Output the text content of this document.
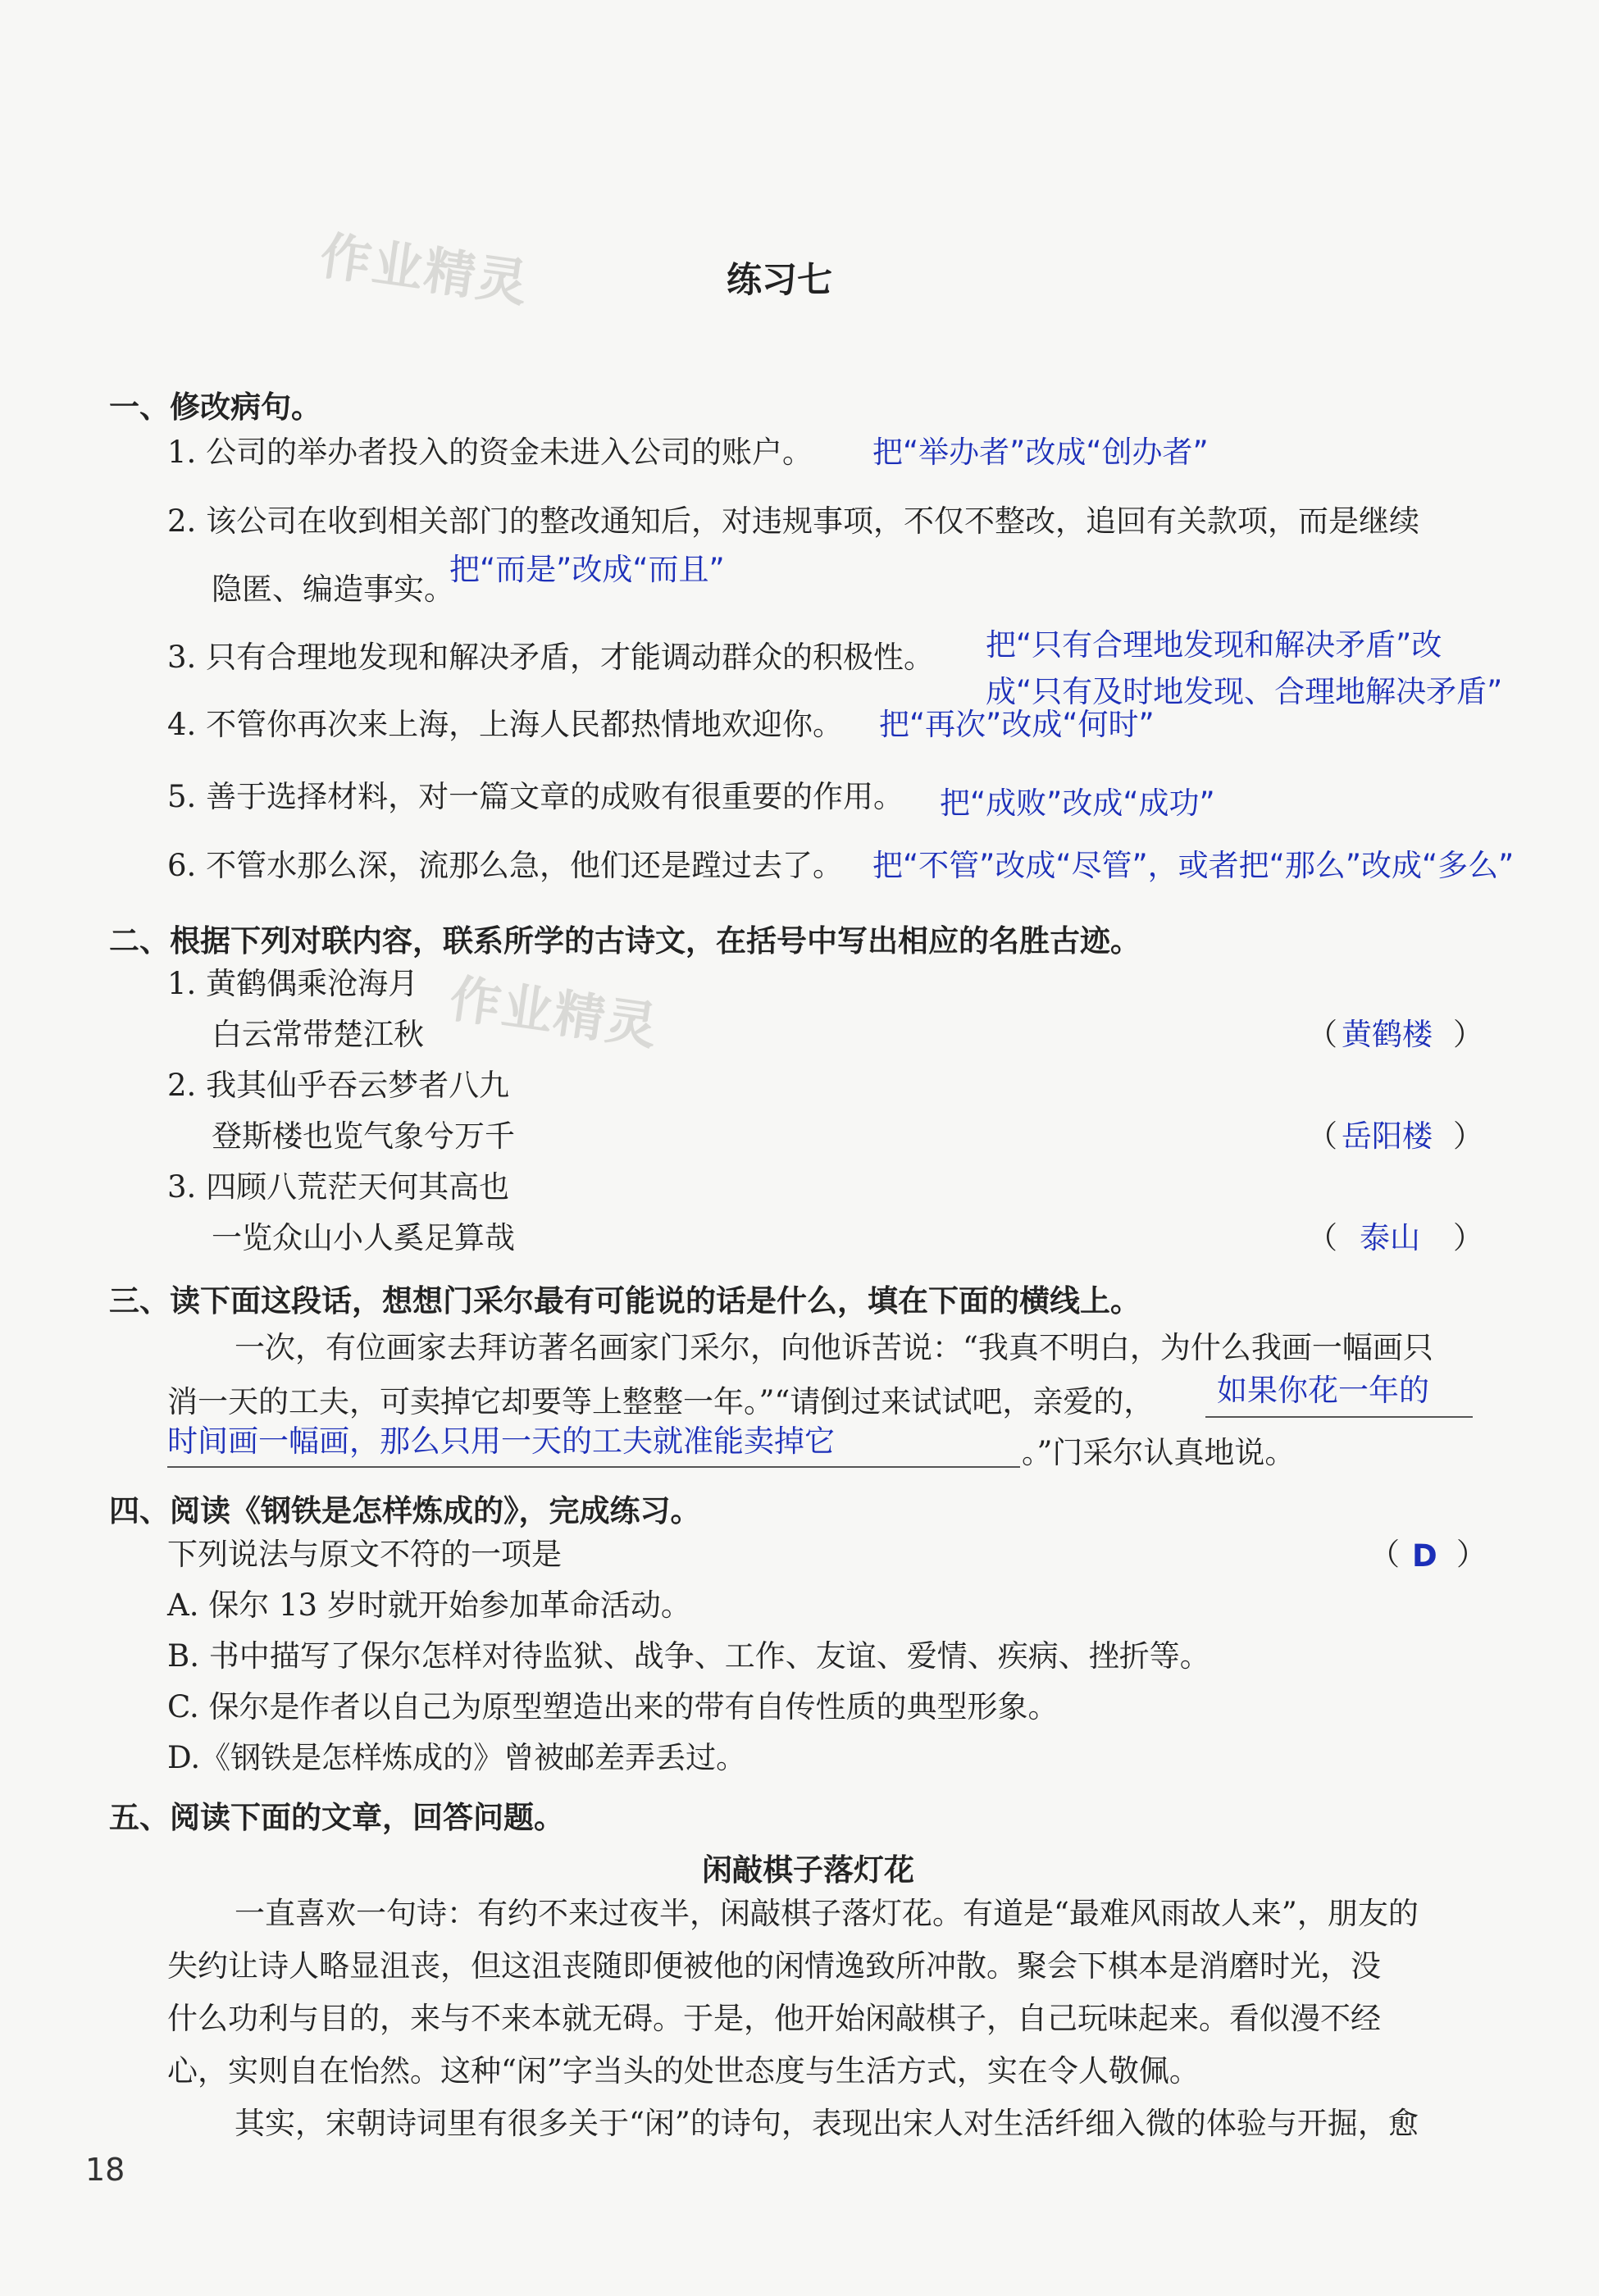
作业精灵
作业精灵
练习七
一、修改病句。
1. 公司的举办者投入的资金未进入公司的账户。 把“举办者”改成“创办者”
2. 该公司在收到相关部门的整改通知后，对违规事项，不仅不整改，追回有关款项，而是继续
隐匿、编造事实。
把“而是”改成“而且”
3. 只有合理地发现和解决矛盾，才能调动群众的积极性。 把“只有合理地发现和解决矛盾”改
成“只有及时地发现、合理地解决矛盾”
4. 不管你再次来上海，上海人民都热情地欢迎你。 把“再次”改成“何时”
5. 善于选择材料，对一篇文章的成败有很重要的作用。 把“成败”改成“成功”
6. 不管水那么深，流那么急，他们还是蹚过去了。 把“不管”改成“尽管”，或者把“那么”改成“多么”
二、根据下列对联内容，联系所学的古诗文，在括号中写出相应的名胜古迹。
1. 黄鹤偶乘沧海月
白云常带楚江秋	（ 黄鹤楼 ）
2. 我其仙乎吞云梦者八九
登斯楼也览气象兮万千	（ 岳阳楼 ）
3. 四顾八荒茫天何其高也
一览众山小人奚足算哉	（ 泰山 ）
三、读下面这段话，想想门采尔最有可能说的话是什么，填在下面的横线上。
一次，有位画家去拜访著名画家门采尔，向他诉苦说：“我真不明白，为什么我画一幅画只
消一天的工夫，可卖掉它却要等上整整一年。”“请倒过来试试吧，亲爱的， 如果你花一年的
时间画一幅画，那么只用一天的工夫就准能卖掉它	。”门采尔认真地说。
四、阅读《钢铁是怎样炼成的》，完成练习。
下列说法与原文不符的一项是	（ D ）
A. 保尔 13 岁时就开始参加革命活动。
B. 书中描写了保尔怎样对待监狱、战争、工作、友谊、爱情、疾病、挫折等。
C. 保尔是作者以自己为原型塑造出来的带有自传性质的典型形象。
D.《钢铁是怎样炼成的》曾被邮差弄丢过。
五、阅读下面的文章，回答问题。
闲敲棋子落灯花
一直喜欢一句诗：有约不来过夜半，闲敲棋子落灯花。有道是“最难风雨故人来”，朋友的
失约让诗人略显沮丧，但这沮丧随即便被他的闲情逸致所冲散。聚会下棋本是消磨时光，没
什么功利与目的，来与不来本就无碍。于是，他开始闲敲棋子，自己玩味起来。看似漫不经
心，实则自在怡然。这种“闲”字当头的处世态度与生活方式，实在令人敬佩。
其实，宋朝诗词里有很多关于“闲”的诗句，表现出宋人对生活纤细入微的体验与开掘，愈
18
